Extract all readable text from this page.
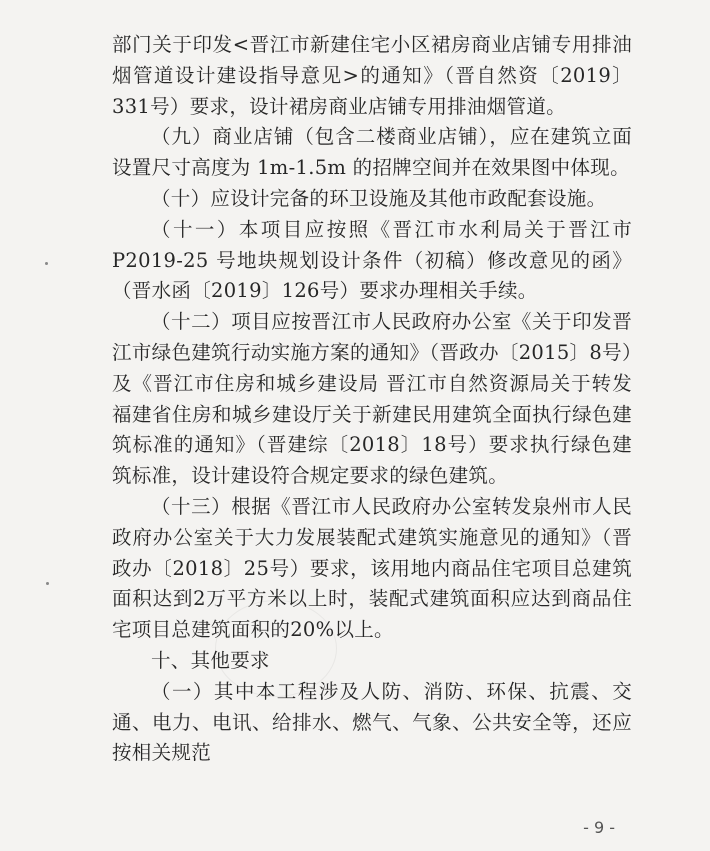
部门关于印发<晋江市新建住宅小区裙房商业店铺专用排油烟管道设计建设指导意见>的通知》（晋自然资〔2019〕331号）要求，设计裙房商业店铺专用排油烟管道。

（九）商业店铺（包含二楼商业店铺），应在建筑立面设置尺寸高度为 1m-1.5m 的招牌空间并在效果图中体现。

（十）应设计完备的环卫设施及其他市政配套设施。

（十一）本项目应按照《晋江市水利局关于晋江市 P2019-25 号地块规划设计条件（初稿）修改意见的函》（晋水函〔2019〕126号）要求办理相关手续。

（十二）项目应按晋江市人民政府办公室《关于印发晋江市绿色建筑行动实施方案的通知》（晋政办〔2015〕8号）及《晋江市住房和城乡建设局 晋江市自然资源局关于转发福建省住房和城乡建设厅关于新建民用建筑全面执行绿色建筑标准的通知》（晋建综〔2018〕18号）要求执行绿色建筑标准，设计建设符合规定要求的绿色建筑。

（十三）根据《晋江市人民政府办公室转发泉州市人民政府办公室关于大力发展装配式建筑实施意见的通知》（晋政办〔2018〕25号）要求，该用地内商品住宅项目总建筑面积达到2万平方米以上时，装配式建筑面积应达到商品住宅项目总建筑面积的20%以上。

十、其他要求

（一）其中本工程涉及人防、消防、环保、抗震、交通、电力、电讯、给排水、燃气、气象、公共安全等，还应按相关规范

- 9 -
